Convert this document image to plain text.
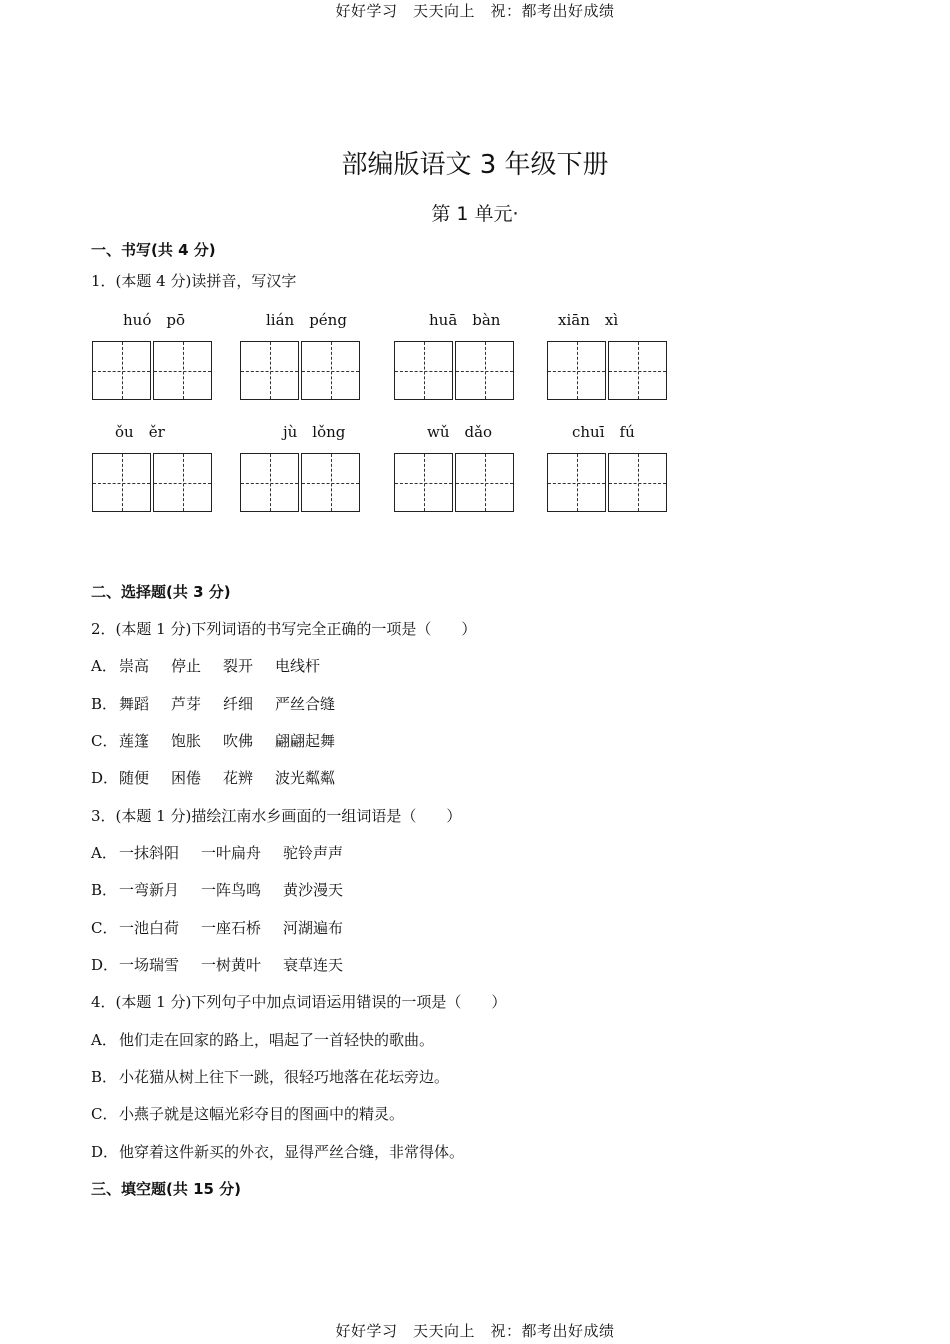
好好学习　天天向上　祝：都考出好成绩
部编版语文 3 年级下册
第 1 单元·
一、书写(共 4 分)
1．(本题 4 分)读拼音，写汉字
huó　pō	lián　péng	huā　bàn	xiān　xì
ǒu　ěr	jù　lǒng	wǔ　dǎo	chuī　fú
二、选择题(共 3 分)
2．(本题 1 分)下列词语的书写完全正确的一项是（　　）
A． 崇高 停止 裂开 电线杆
B． 舞蹈 芦芽 纤细 严丝合缝
C． 莲篷 饱胀 吹佛 翩翩起舞
D． 随便 困倦 花辨 波光粼粼
3．(本题 1 分)描绘江南水乡画面的一组词语是（　　）
A． 一抹斜阳 一叶扁舟 驼铃声声
B． 一弯新月 一阵鸟鸣 黄沙漫天
C． 一池白荷 一座石桥 河湖遍布
D． 一场瑞雪 一树黄叶 衰草连天
4．(本题 1 分)下列句子中加点词语运用错误的一项是（　　）
A． 他们走在回家的路上，唱起了一首轻快的歌曲。
B． 小花猫从树上往下一跳，很轻巧地落在花坛旁边。
C． 小燕子就是这幅光彩夺目的图画中的精灵。
D． 他穿着这件新买的外衣，显得严丝合缝，非常得体。
三、填空题(共 15 分)
好好学习　天天向上　祝：都考出好成绩
